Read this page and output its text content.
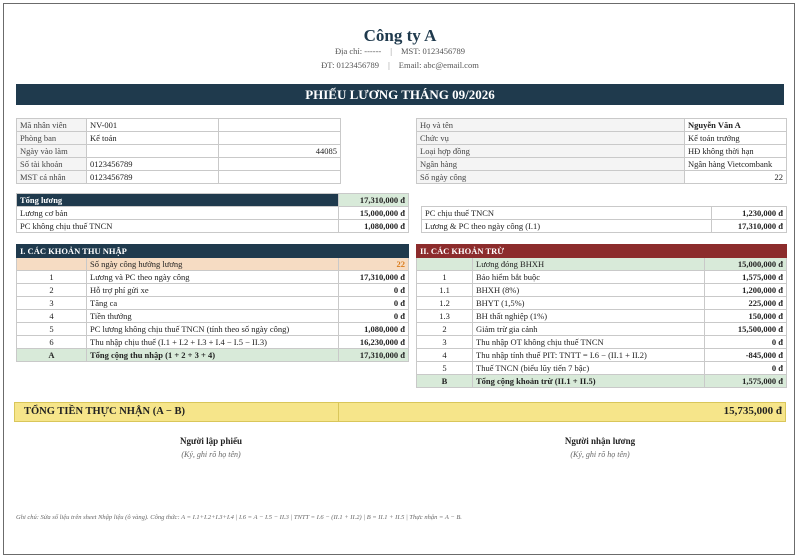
Công ty A
Địa chỉ: ------ | MST: 0123456789
ĐT: 0123456789 | Email: abc@email.com
PHIẾU LƯƠNG THÁNG 09/2026
Mã nhân viên	NV-001	
Phòng ban	Kế toán	
Ngày vào làm		44085
Số tài khoản	0123456789	
MST cá nhân	0123456789	
Họ và tên	Nguyễn Văn A
Chức vụ	Kế toán trưởng
Loại hợp đồng	HĐ không thời hạn
Ngân hàng	Ngân hàng Vietcombank
Số ngày công	22
Tổng lương	17,310,000 đ
Lương cơ bản	15,000,000 đ
PC không chịu thuế TNCN	1,080,000 đ
PC chịu thuế TNCN	1,230,000 đ
Lương & PC theo ngày công (I.1)	17,310,000 đ
I. CÁC KHOẢN THU NHẬP		
	Số ngày công hưởng lương	22
1	Lương và PC theo ngày công	17,310,000 đ
2	Hỗ trợ phí gửi xe	0 đ
3	Tăng ca	0 đ
4	Tiền thưởng	0 đ
5	PC lương không chịu thuế TNCN (tính theo số ngày công)	1,080,000 đ
6	Thu nhập chịu thuế (I.1 + I.2 + I.3 + I.4 − I.5 − II.3)	16,230,000 đ
A	Tổng cộng thu nhập (1 + 2 + 3 + 4)	17,310,000 đ
II. CÁC KHOẢN TRỪ		
	Lương đóng BHXH	15,000,000 đ
1	Bảo hiểm bắt buộc	1,575,000 đ
1.1	BHXH (8%)	1,200,000 đ
1.2	BHYT (1,5%)	225,000 đ
1.3	BH thất nghiệp (1%)	150,000 đ
2	Giảm trừ gia cảnh	15,500,000 đ
3	Thu nhập OT không chịu thuế TNCN	0 đ
4	Thu nhập tính thuế PIT: TNTT = I.6 − (II.1 + II.2)	-845,000 đ
5	Thuế TNCN (biểu lũy tiến 7 bậc)	0 đ
B	Tổng cộng khoản trừ (II.1 + II.5)	1,575,000 đ
TỔNG TIỀN THỰC NHẬN (A − B)	15,735,000 đ
Người lập phiếu
(Ký, ghi rõ họ tên)
Người nhận lương
(Ký, ghi rõ họ tên)
Ghi chú: Sửa số liệu trên sheet Nhập liệu (ô vàng). Công thức: A = I.1+I.2+I.3+I.4 | I.6 = A − I.5 − II.3 | TNTT = I.6 − (II.1 + II.2) | B = II.1 + II.5 | Thực nhận = A − B.
